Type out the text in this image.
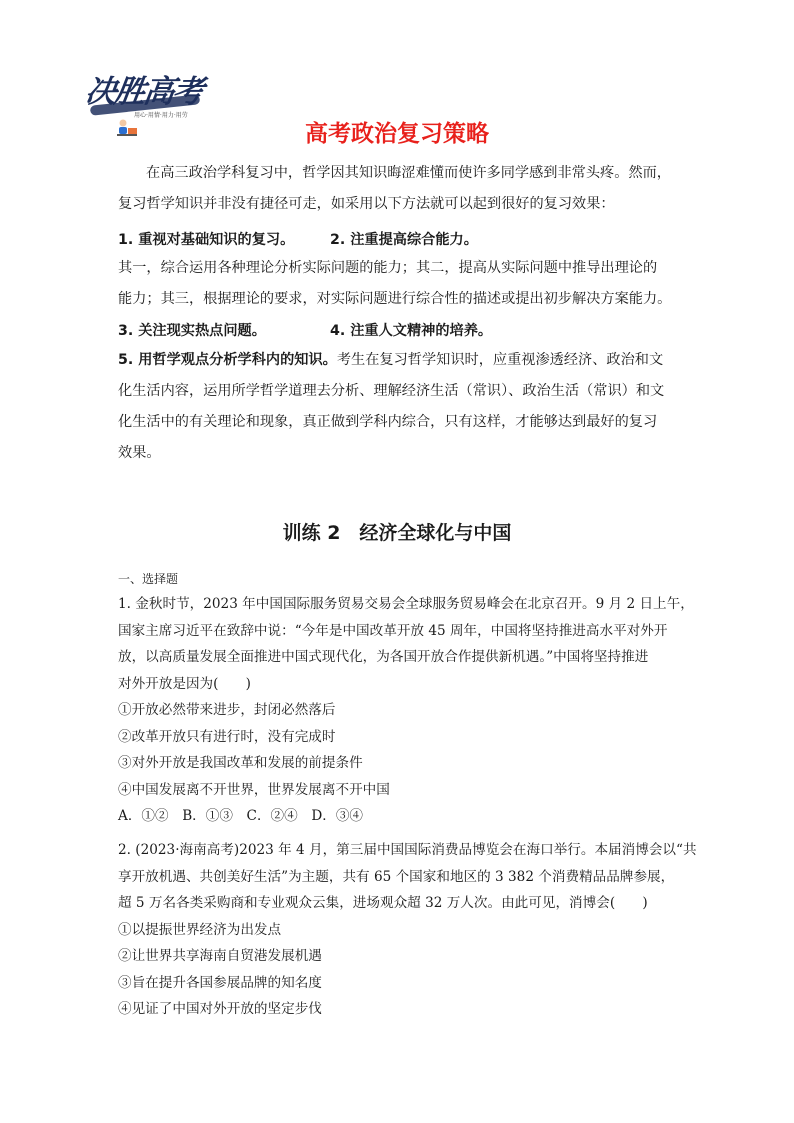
决胜高考
用心·用情·用力·用劳
高考政治复习策略
在高三政治学科复习中，哲学因其知识晦涩难懂而使许多同学感到非常头疼。然而，
复习哲学知识并非没有捷径可走，如采用以下方法就可以起到很好的复习效果：
1. 重视对基础知识的复习。	2. 注重提高综合能力。
其一，综合运用各种理论分析实际问题的能力；其二，提高从实际问题中推导出理论的
能力；其三，根据理论的要求，对实际问题进行综合性的描述或提出初步解决方案能力。
3. 关注现实热点问题。	4. 注重人文精神的培养。
5. 用哲学观点分析学科内的知识。考生在复习哲学知识时，应重视渗透经济、政治和文
化生活内容，运用所学哲学道理去分析、理解经济生活（常识）、政治生活（常识）和文
化生活中的有关理论和现象，真正做到学科内综合，只有这样，才能够达到最好的复习
效果。
训练 2　经济全球化与中国
一、选择题
1. 金秋时节，2023 年中国国际服务贸易交易会全球服务贸易峰会在北京召开。9 月 2 日上午，
国家主席习近平在致辞中说：“今年是中国改革开放 45 周年，中国将坚持推进高水平对外开
放，以高质量发展全面推进中国式现代化，为各国开放合作提供新机遇。”中国将坚持推进
对外开放是因为(　　)
①开放必然带来进步，封闭必然落后
②改革开放只有进行时，没有完成时
③对外开放是我国改革和发展的前提条件
④中国发展离不开世界，世界发展离不开中国
A．①②　B．①③　C．②④　D．③④
2. (2023·海南高考)2023 年 4 月，第三届中国国际消费品博览会在海口举行。本届消博会以“共
享开放机遇、共创美好生活”为主题，共有 65 个国家和地区的 3 382 个消费精品品牌参展，
超 5 万名各类采购商和专业观众云集，进场观众超 32 万人次。由此可见，消博会(　　)
①以提振世界经济为出发点
②让世界共享海南自贸港发展机遇
③旨在提升各国参展品牌的知名度
④见证了中国对外开放的坚定步伐
